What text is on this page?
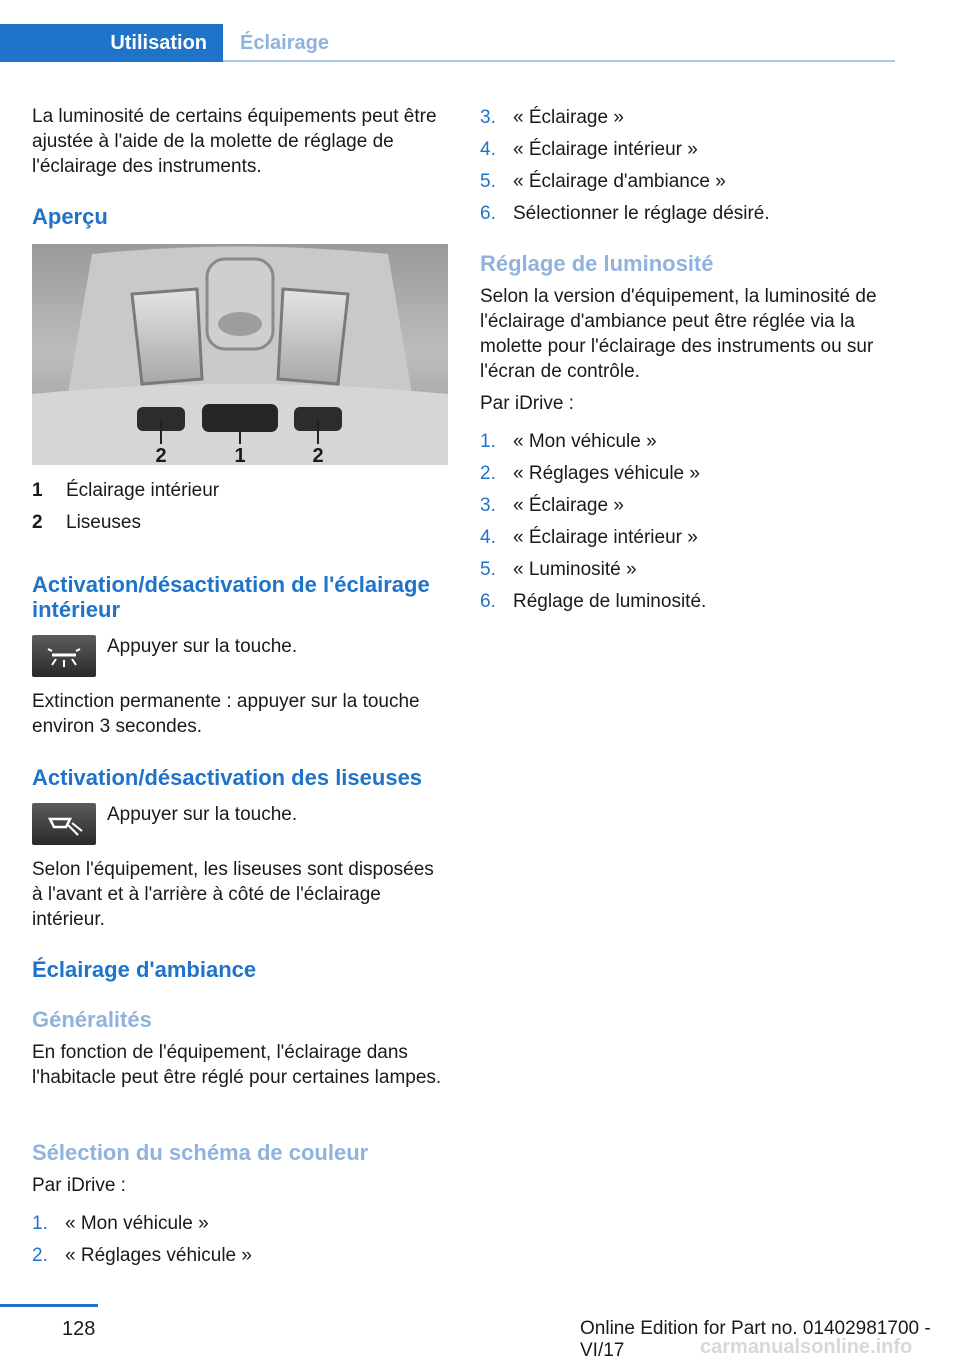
Utilisation	Éclairage

La luminosité de certains équipements peut être ajustée à l'aide de la molette de réglage de l'éclairage des instruments.

Aperçu
2	1	2
1 Éclairage intérieur
2 Liseuses
Activation/désactivation de l'éclairage intérieur

Appuyer sur la touche.

Extinction permanente : appuyer sur la touche environ 3 secondes.

Activation/désactivation des liseuses

Appuyer sur la touche.

Selon l'équipement, les liseuses sont disposées à l'avant et à l'arrière à côté de l'éclairage intérieur.

Éclairage d'ambiance
Généralités

En fonction de l'équipement, l'éclairage dans l'habitacle peut être réglé pour certaines lampes.

Sélection du schéma de couleur

Par iDrive :

1. « Mon véhicule »
2. « Réglages véhicule »
3. « Éclairage »
4. « Éclairage intérieur »
5. « Éclairage d'ambiance »
6. Sélectionner le réglage désiré.
Réglage de luminosité

Selon la version d'équipement, la luminosité de l'éclairage d'ambiance peut être réglée via la molette pour l'éclairage des instruments ou sur l'écran de contrôle.

Par iDrive :

1. « Mon véhicule »
2. « Réglages véhicule »
3. « Éclairage »
4. « Éclairage intérieur »
5. « Luminosité »
6. Réglage de luminosité.
128	Online Edition for Part no. 01402981700 - VI/17	carmanualsonline.info
